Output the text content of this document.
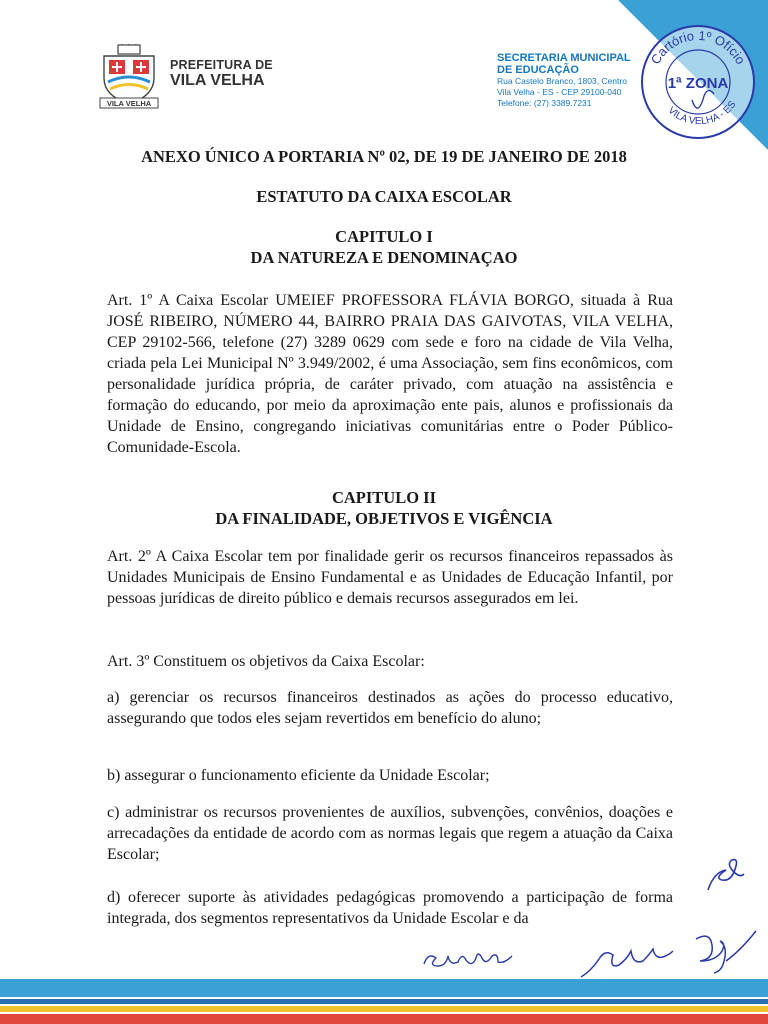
VILA VELHA
PREFEITURA DE
VILA VELHA
SECRETARIA MUNICIPAL
DE EDUCAÇÃO
Rua Castelo Branco, 1803, Centro
Vila Velha - ES - CEP 29100-040
Telefone: (27) 3389.7231
Cartório 1º Ofício
1ª ZONA
VILA VELHA - ES
ANEXO ÚNICO A PORTARIA Nº 02, DE 19 DE JANEIRO DE 2018
ESTATUTO DA CAIXA ESCOLAR
CAPITULO I
DA NATUREZA E DENOMINAÇAO
Art. 1º A Caixa Escolar UMEIEF PROFESSORA FLÁVIA BORGO, situada à Rua JOSÉ RIBEIRO, NÚMERO 44, BAIRRO PRAIA DAS GAIVOTAS, VILA VELHA, CEP 29102-566, telefone (27) 3289 0629 com sede e foro na cidade de Vila Velha, criada pela Lei Municipal Nº 3.949/2002, é uma Associação, sem fins econômicos, com personalidade jurídica própria, de caráter privado, com atuação na assistência e formação do educando, por meio da aproximação ente pais, alunos e profissionais da Unidade de Ensino, congregando iniciativas comunitárias entre o Poder Público-Comunidade-Escola.
CAPITULO II
DA FINALIDADE, OBJETIVOS E VIGÊNCIA
Art. 2º A Caixa Escolar tem por finalidade gerir os recursos financeiros repassados às Unidades Municipais de Ensino Fundamental e as Unidades de Educação Infantil, por pessoas jurídicas de direito público e demais recursos assegurados em lei.
Art. 3º Constituem os objetivos da Caixa Escolar:
a) gerenciar os recursos financeiros destinados as ações do processo educativo, assegurando que todos eles sejam revertidos em benefício do aluno;
b) assegurar o funcionamento eficiente da Unidade Escolar;
c) administrar os recursos provenientes de auxílios, subvenções, convênios, doações e arrecadações da entidade de acordo com as normas legais que regem a atuação da Caixa Escolar;
d) oferecer suporte às atividades pedagógicas promovendo a participação de forma integrada, dos segmentos representativos da Unidade Escolar e da
